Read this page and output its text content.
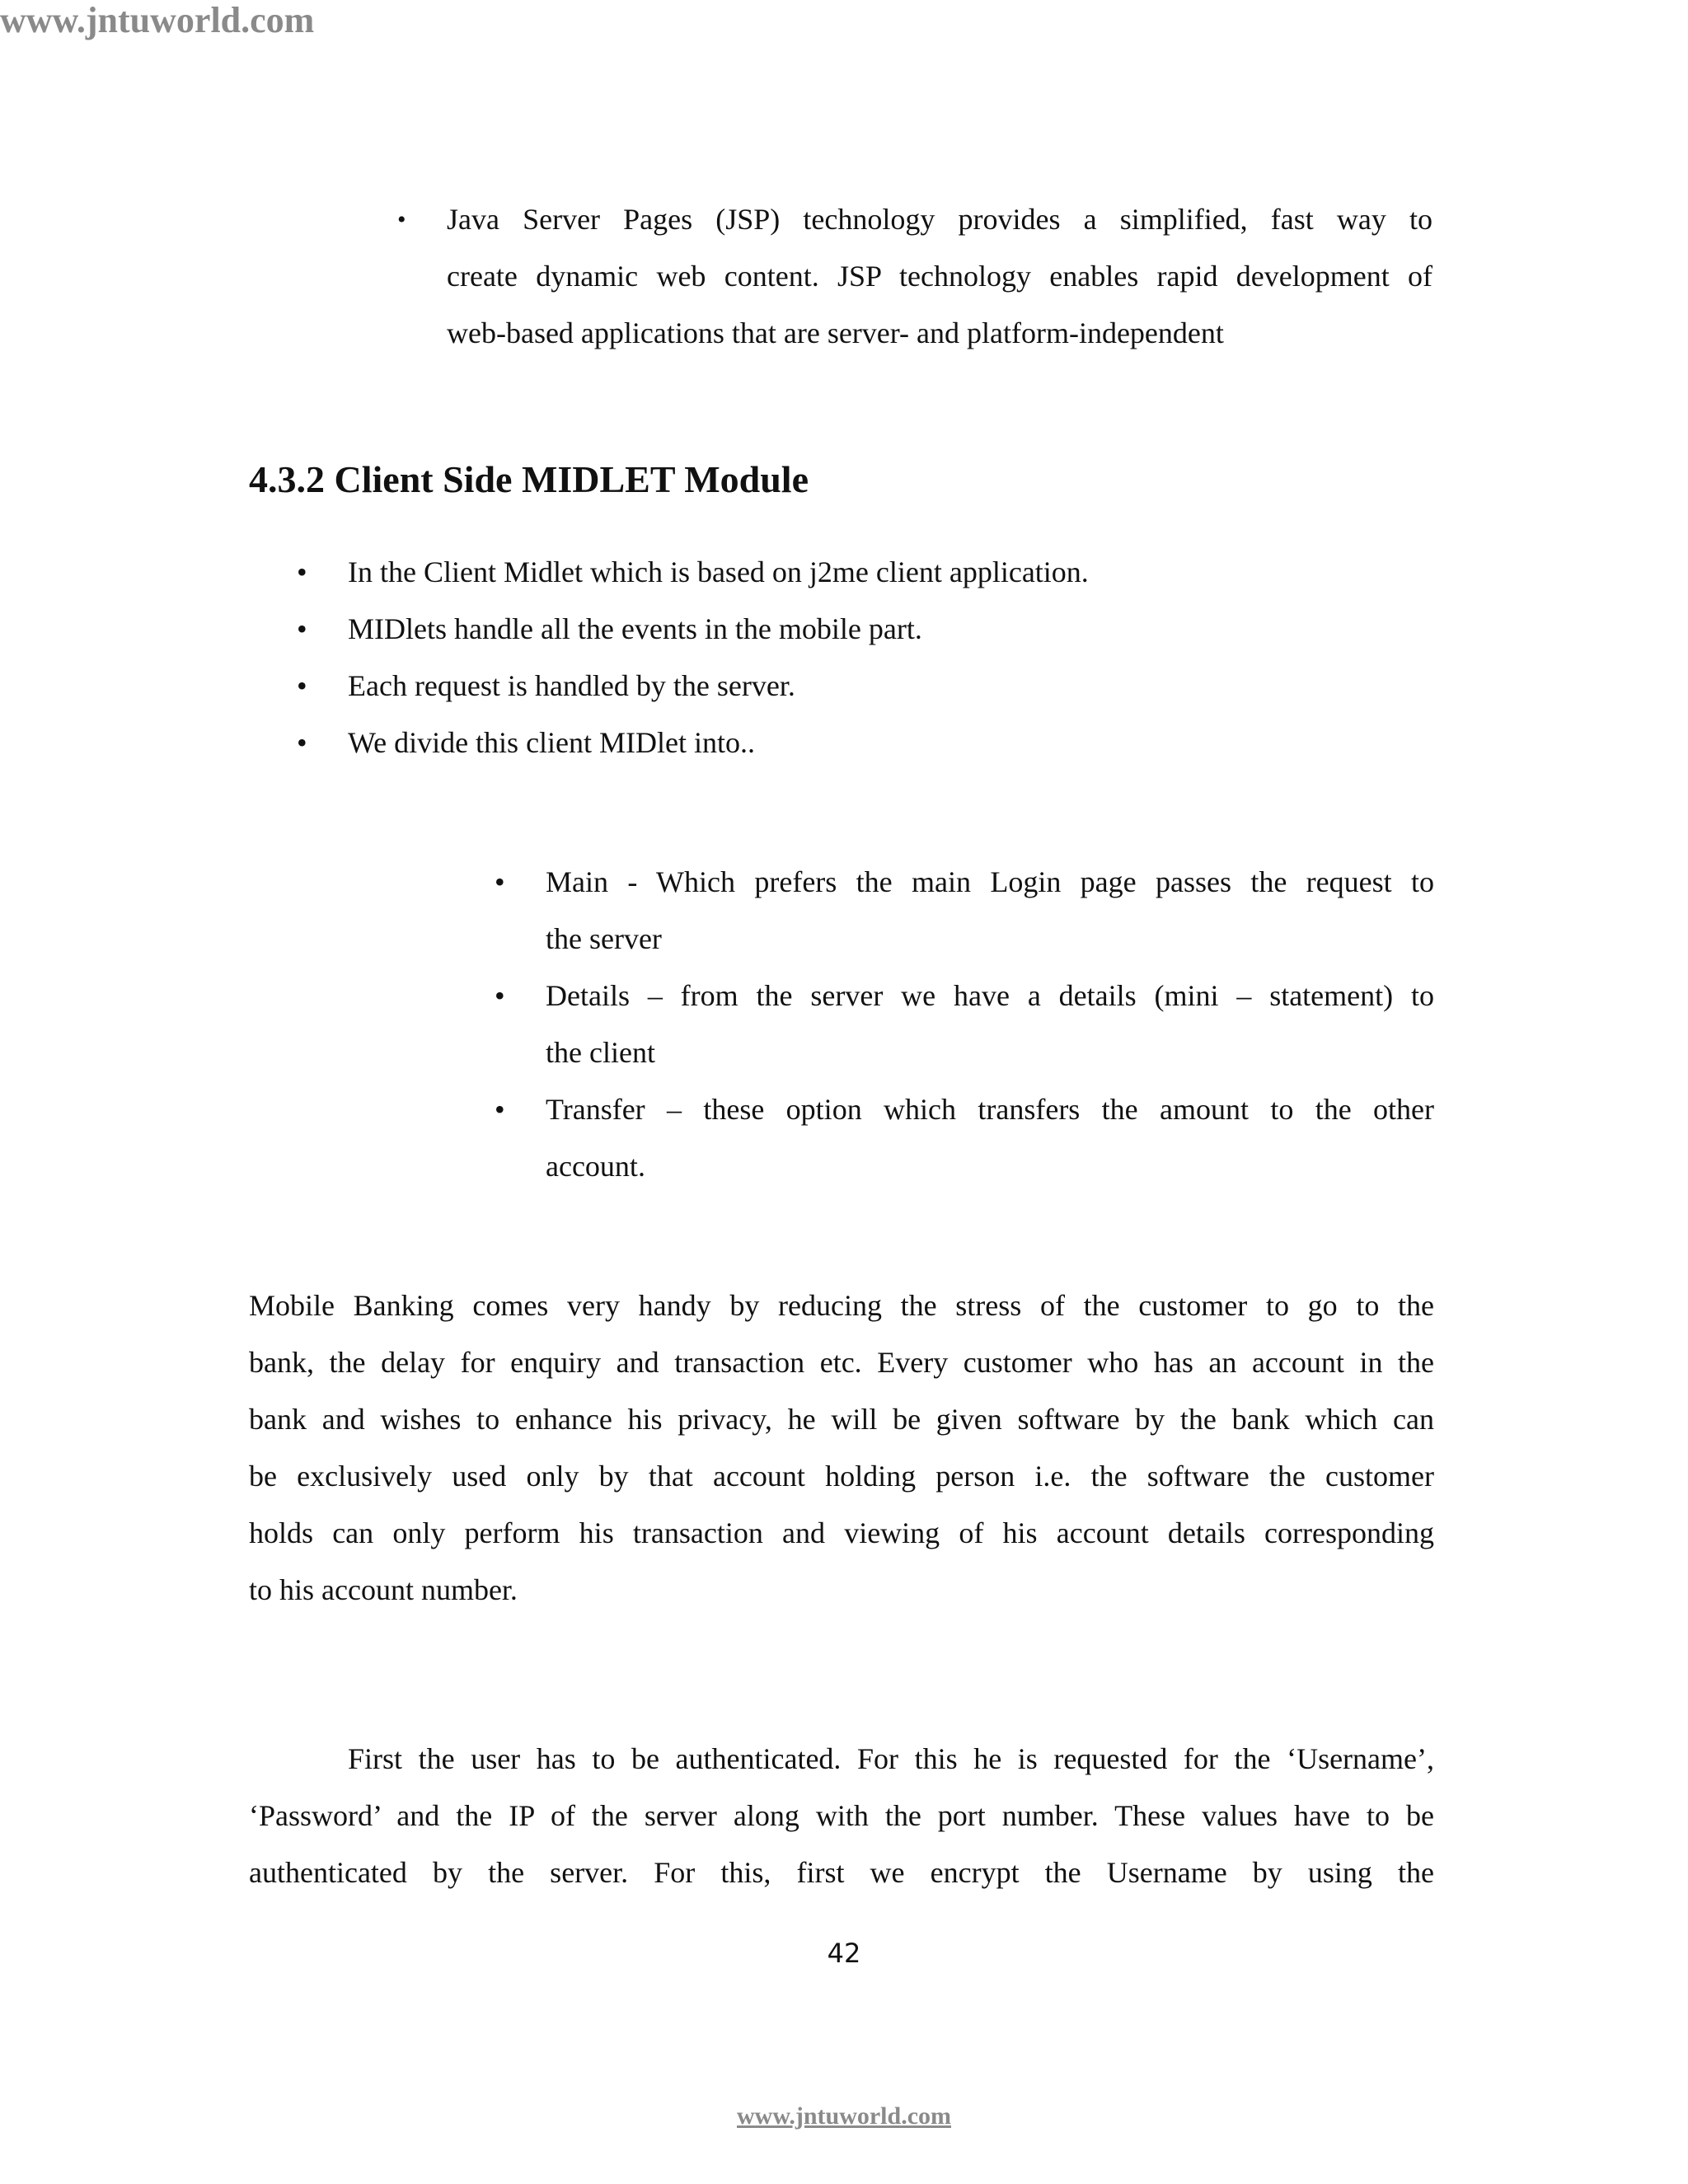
www.jntuworld.com
• Java Server Pages (JSP) technology provides a simplified, fast way to
create dynamic web content. JSP technology enables rapid development of
web-based applications that are server- and platform-independent
4.3.2 Client Side MIDLET Module
• In the Client Midlet which is based on j2me client application.
• MIDlets handle all the events in the mobile part.
• Each request is handled by the server.
• We divide this client MIDlet into..
• Main - Which prefers the main Login page passes the request to
the server
• Details – from the server we have a details (mini – statement) to
the client
• Transfer – these option which transfers the amount to the other
account.
Mobile Banking comes very handy by reducing the stress of the customer to go to the
bank, the delay for enquiry and transaction etc. Every customer who has an account in the
bank and wishes to enhance his privacy, he will be given software by the bank which can
be exclusively used only by that account holding person i.e. the software the customer
holds can only perform his transaction and viewing of his account details corresponding
to his account number.
First the user has to be authenticated. For this he is requested for the ‘Username’,
‘Password’ and the IP of the server along with the port number. These values have to be
authenticated by the server. For this, first we encrypt the Username by using the
42
www.jntuworld.com
